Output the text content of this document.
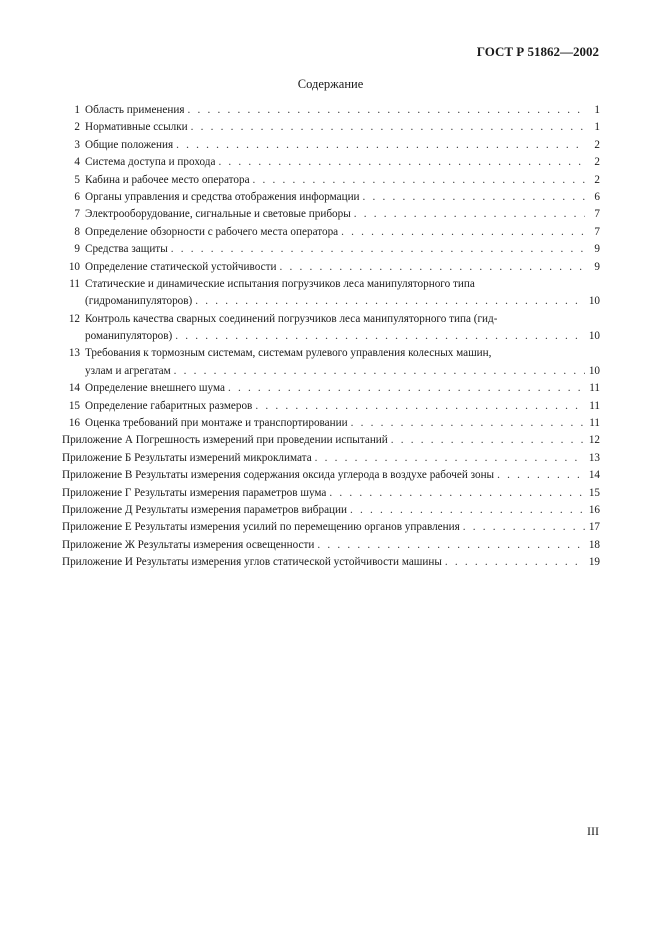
ГОСТ Р 51862—2002
Содержание
1 Область применения . . .	1
2 Нормативные ссылки . . .	1
3 Общие положения . . .	2
4 Система доступа и прохода . . .	2
5 Кабина и рабочее место оператора . . .	2
6 Органы управления и средства отображения информации . . .	6
7 Электрооборудование, сигнальные и световые приборы . . .	7
8 Определение обзорности с рабочего места оператора . . .	7
9 Средства защиты . . .	9
10 Определение статической устойчивости . . .	9
11 Статические и динамические испытания погрузчиков леса манипуляторного типа
(гидроманипуляторов) . . .	10
12 Контроль качества сварных соединений погрузчиков леса манипуляторного типа (гид-
романипуляторов) . . .	10
13 Требования к тормозным системам, системам рулевого управления колесных машин,
узлам и агрегатам . . .	10
14 Определение внешнего шума . . .	11
15 Определение габаритных размеров . . .	11
16 Оценка требований при монтаже и транспортировании . . .	11
Приложение А Погрешность измерений при проведении испытаний . . .	12
Приложение Б Результаты измерений микроклимата . . .	13
Приложение В Результаты измерения содержания оксида углерода в воздухе рабочей зоны . . .	14
Приложение Г Результаты измерения параметров шума . . .	15
Приложение Д Результаты измерения параметров вибрации . . .	16
Приложение Е Результаты измерения усилий по перемещению органов управления . . .	17
Приложение Ж Результаты измерения освещенности . . .	18
Приложение И Результаты измерения углов статической устойчивости машины . . .	19
III
